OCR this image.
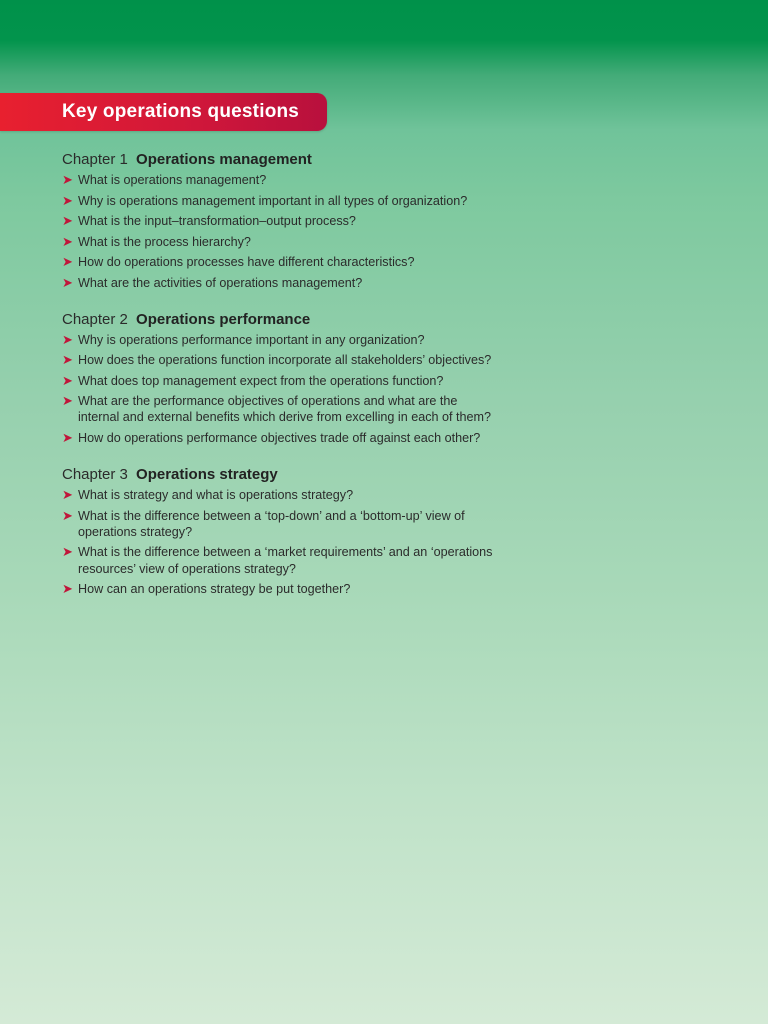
Key operations questions
Chapter 1 Operations management
➤ What is operations management?
➤ Why is operations management important in all types of organization?
➤ What is the input–transformation–output process?
➤ What is the process hierarchy?
➤ How do operations processes have different characteristics?
➤ What are the activities of operations management?
Chapter 2 Operations performance
➤ Why is operations performance important in any organization?
➤ How does the operations function incorporate all stakeholders’ objectives?
➤ What does top management expect from the operations function?
➤ What are the performance objectives of operations and what are the internal and external benefits which derive from excelling in each of them?
➤ How do operations performance objectives trade off against each other?
Chapter 3 Operations strategy
➤ What is strategy and what is operations strategy?
➤ What is the difference between a ‘top-down’ and a ‘bottom-up’ view of operations strategy?
➤ What is the difference between a ‘market requirements’ and an ‘operations resources’ view of operations strategy?
➤ How can an operations strategy be put together?
